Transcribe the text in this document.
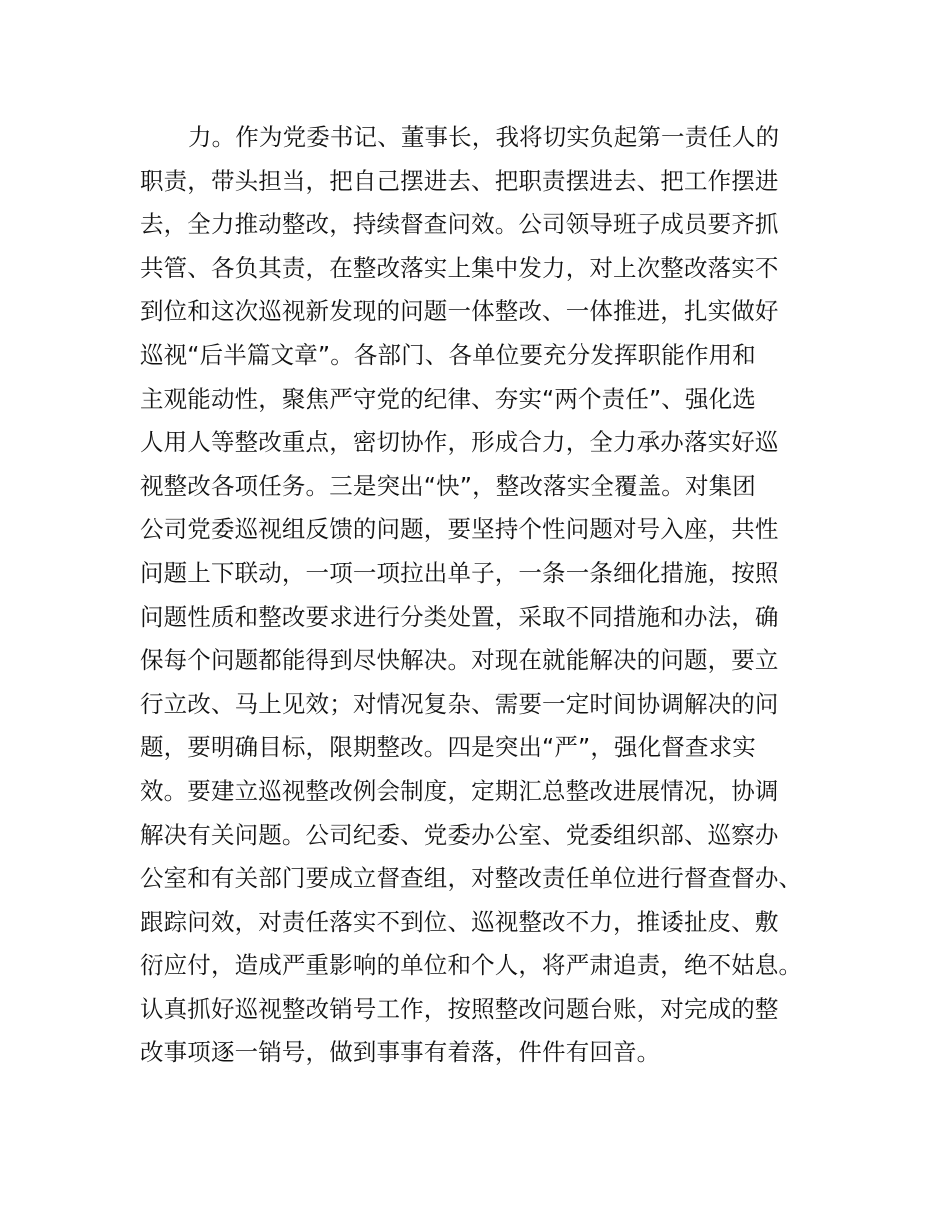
力。作为党委书记、董事长，我将切实负起第一责任人的
职责，带头担当，把自己摆进去、把职责摆进去、把工作摆进
去，全力推动整改，持续督查问效。公司领导班子成员要齐抓
共管、各负其责，在整改落实上集中发力，对上次整改落实不
到位和这次巡视新发现的问题一体整改、一体推进，扎实做好
巡视“后半篇文章”。各部门、各单位要充分发挥职能作用和
主观能动性，聚焦严守党的纪律、夯实“两个责任”、强化选
人用人等整改重点，密切协作，形成合力，全力承办落实好巡
视整改各项任务。三是突出“快”，整改落实全覆盖。对集团
公司党委巡视组反馈的问题，要坚持个性问题对号入座，共性
问题上下联动，一项一项拉出单子，一条一条细化措施，按照
问题性质和整改要求进行分类处置，采取不同措施和办法，确
保每个问题都能得到尽快解决。对现在就能解决的问题，要立
行立改、马上见效；对情况复杂、需要一定时间协调解决的问
题，要明确目标，限期整改。四是突出“严”，强化督查求实
效。要建立巡视整改例会制度，定期汇总整改进展情况，协调
解决有关问题。公司纪委、党委办公室、党委组织部、巡察办
公室和有关部门要成立督查组，对整改责任单位进行督查督办、
跟踪问效，对责任落实不到位、巡视整改不力，推诿扯皮、敷
衍应付，造成严重影响的单位和个人，将严肃追责，绝不姑息。
认真抓好巡视整改销号工作，按照整改问题台账，对完成的整
改事项逐一销号，做到事事有着落，件件有回音。
